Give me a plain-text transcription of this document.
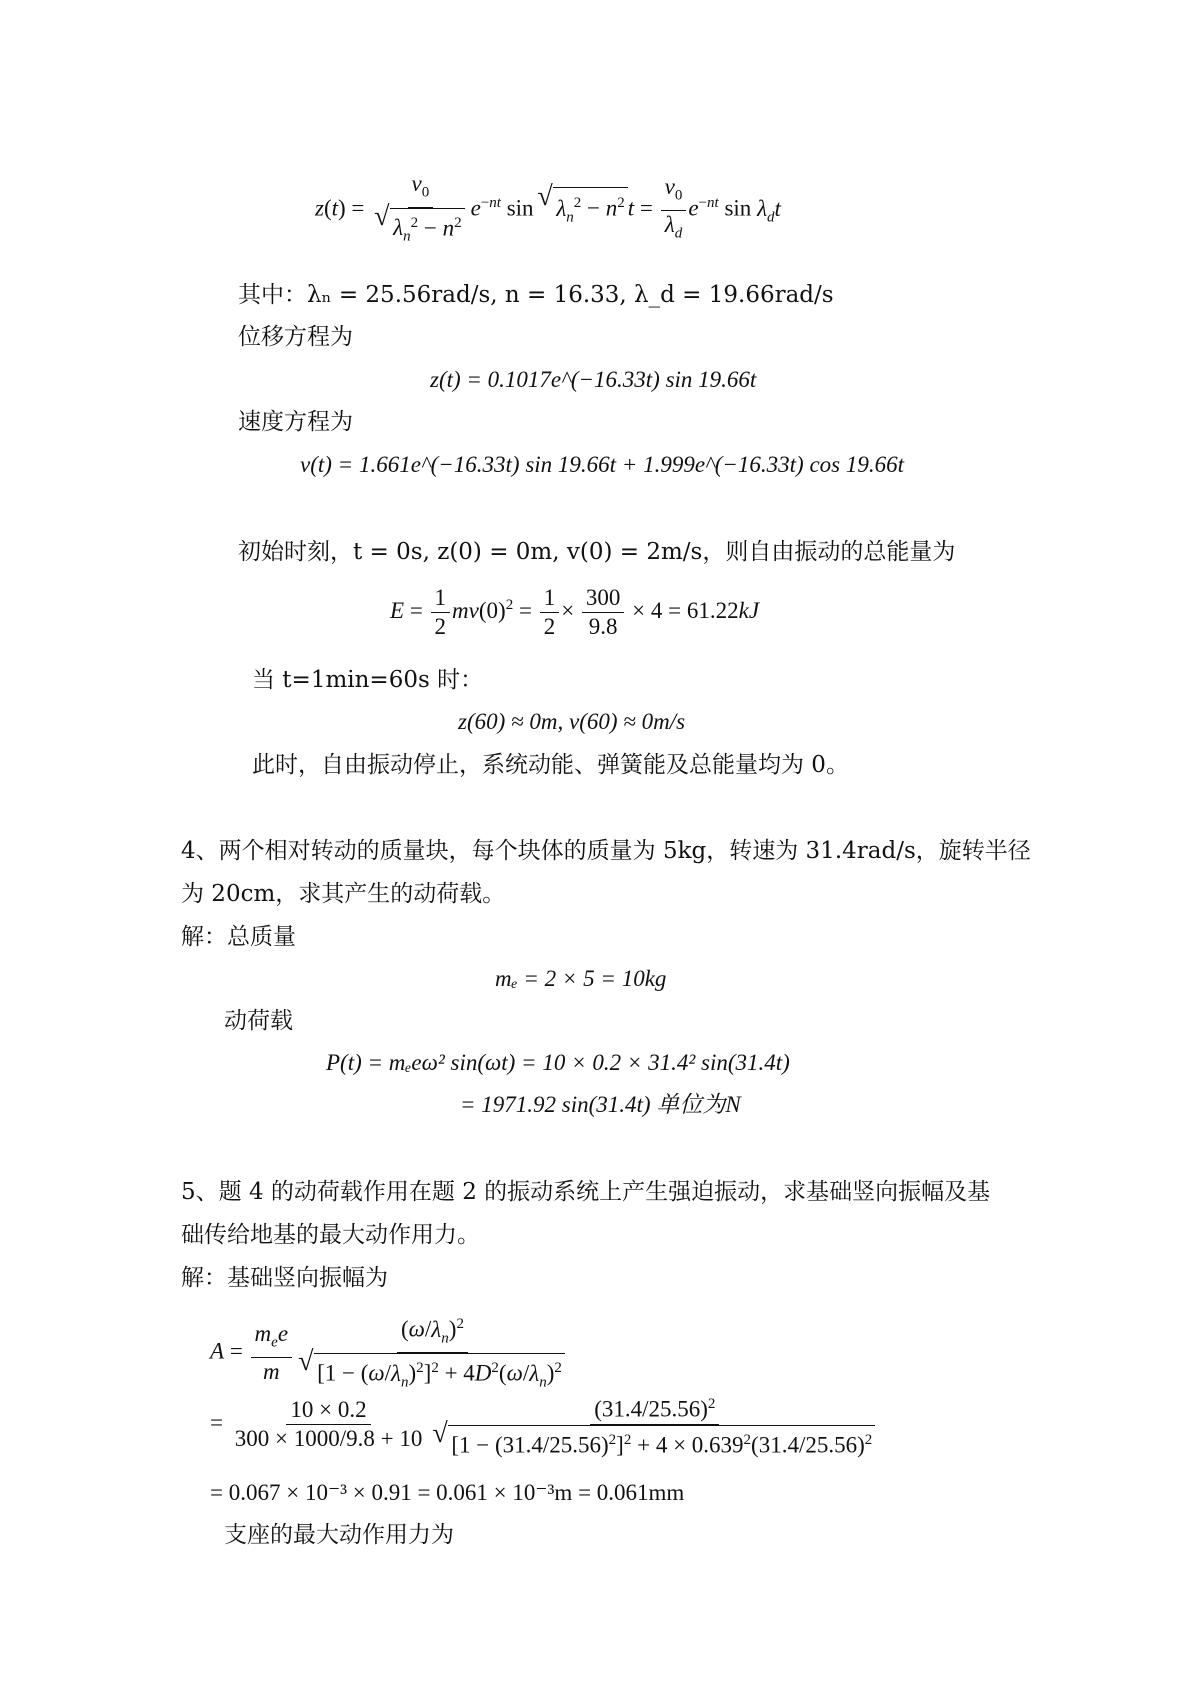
$z(t) = v_0$
√ $\lambda_n^2 - n^2$ $e^{-nt}$ sin √ $\lambda_n^2 - n^2$ $t = \frac{v_0}{\lambda_d} e^{-nt}$ $\sin \lambda_dt$
其中：λₙ = 25.56rad/s, n = 16.33, λ_d = 19.66rad/s
位移方程为
z(t) = 0.1017e^(−16.33t) sin 19.66t
速度方程为
v(t) = 1.661e^(−16.33t) sin 19.66t + 1.999e^(−16.33t) cos 19.66t
初始时刻，t = 0s, z(0) = 0m, v(0) = 2m/s，则自由振动的总能量为
$E = \frac{1}{2} mv(0)^2 = \frac{1}{2} \times \frac{300}{9.8} \times 4 = 61.22kJ$
当 t=1min=60s 时：
z(60) ≈ 0m, v(60) ≈ 0m/s
此时，自由振动停止，系统动能、弹簧能及总能量均为 0。
4、两个相对转动的质量块，每个块体的质量为 5kg，转速为 31.4rad/s，旋转半径
为 20cm，求其产生的动荷载。
解：总质量
mₑ = 2 × 5 = 10kg
动荷载
P(t) = mₑeω² sin(ωt) = 10 × 0.2 × 31.4² sin(31.4t)
= 1971.92 sin(31.4t) 单位为N
5、题 4 的动荷载作用在题 2 的振动系统上产生强迫振动，求基础竖向振幅及基
础传给地基的最大动作用力。
解：基础竖向振幅为
$A = \frac{m_ee}{m} (\omega/\lambda_n)^2$
√ $[1 - (\omega/\lambda_n)^2]^2 + 4D^2(\omega/\lambda_n)^2$
= $\frac{10 \times 0.2}{300 \times 1000/9.8 + 10} (31.4/25.56)^2$
√ $[1 - (31.4/25.56)^2]^2 + 4 \times 0.639^2(31.4/25.56)^2$
= 0.067 × 10⁻³ × 0.91 = 0.061 × 10⁻³m = 0.061mm
支座的最大动作用力为
